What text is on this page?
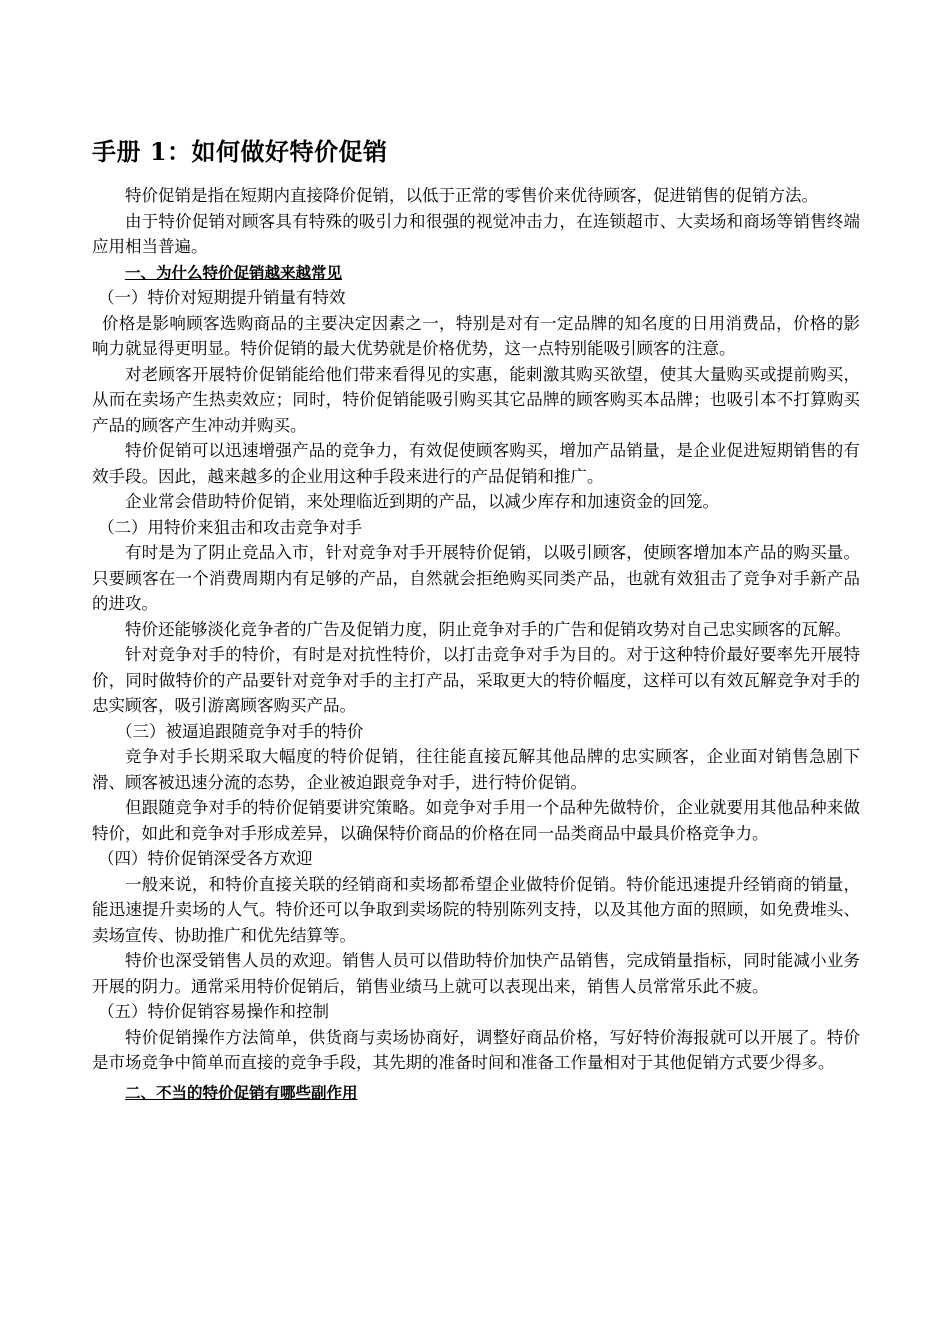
手册 1：如何做好特价促销

特价促销是指在短期内直接降价促销，以低于正常的零售价来优待顾客，促进销售的促销方法。

由于特价促销对顾客具有特殊的吸引力和很强的视觉冲击力，在连锁超市、大卖场和商场等销售终端应用相当普遍。

一、为什么特价促销越来越常见

（一）特价对短期提升销量有特效

价格是影响顾客选购商品的主要决定因素之一，特别是对有一定品牌的知名度的日用消费品，价格的影响力就显得更明显。特价促销的最大优势就是价格优势，这一点特别能吸引顾客的注意。

对老顾客开展特价促销能给他们带来看得见的实惠，能刺激其购买欲望，使其大量购买或提前购买，从而在卖场产生热卖效应；同时，特价促销能吸引购买其它品牌的顾客购买本品牌；也吸引本不打算购买产品的顾客产生冲动并购买。

特价促销可以迅速增强产品的竞争力，有效促使顾客购买，增加产品销量，是企业促进短期销售的有效手段。因此，越来越多的企业用这种手段来进行的产品促销和推广。

企业常会借助特价促销，来处理临近到期的产品，以减少库存和加速资金的回笼。

（二）用特价来狙击和攻击竞争对手

有时是为了阴止竞品入市，针对竞争对手开展特价促销，以吸引顾客，使顾客增加本产品的购买量。只要顾客在一个消费周期内有足够的产品，自然就会拒绝购买同类产品，也就有效狙击了竞争对手新产品的进攻。

特价还能够淡化竞争者的广告及促销力度，阴止竞争对手的广告和促销攻势对自己忠实顾客的瓦解。

针对竞争对手的特价，有时是对抗性特价，以打击竞争对手为目的。对于这种特价最好要率先开展特价，同时做特价的产品要针对竞争对手的主打产品，采取更大的特价幅度，这样可以有效瓦解竞争对手的忠实顾客，吸引游离顾客购买产品。

（三）被逼追跟随竞争对手的特价

竞争对手长期采取大幅度的特价促销，往往能直接瓦解其他品牌的忠实顾客，企业面对销售急剧下滑、顾客被迅速分流的态势，企业被迫跟竞争对手，进行特价促销。

但跟随竞争对手的特价促销要讲究策略。如竞争对手用一个品种先做特价，企业就要用其他品种来做特价，如此和竞争对手形成差异，以确保特价商品的价格在同一品类商品中最具价格竞争力。

（四）特价促销深受各方欢迎

一般来说，和特价直接关联的经销商和卖场都希望企业做特价促销。特价能迅速提升经销商的销量，能迅速提升卖场的人气。特价还可以争取到卖场院的特别陈列支持，以及其他方面的照顾，如免费堆头、卖场宣传、协助推广和优先结算等。

特价也深受销售人员的欢迎。销售人员可以借助特价加快产品销售，完成销量指标，同时能减小业务开展的阴力。通常采用特价促销后，销售业绩马上就可以表现出来，销售人员常常乐此不疲。

（五）特价促销容易操作和控制

特价促销操作方法简单，供货商与卖场协商好，调整好商品价格，写好特价海报就可以开展了。特价是市场竞争中简单而直接的竞争手段，其先期的准备时间和准备工作量相对于其他促销方式要少得多。

二、不当的特价促销有哪些副作用
